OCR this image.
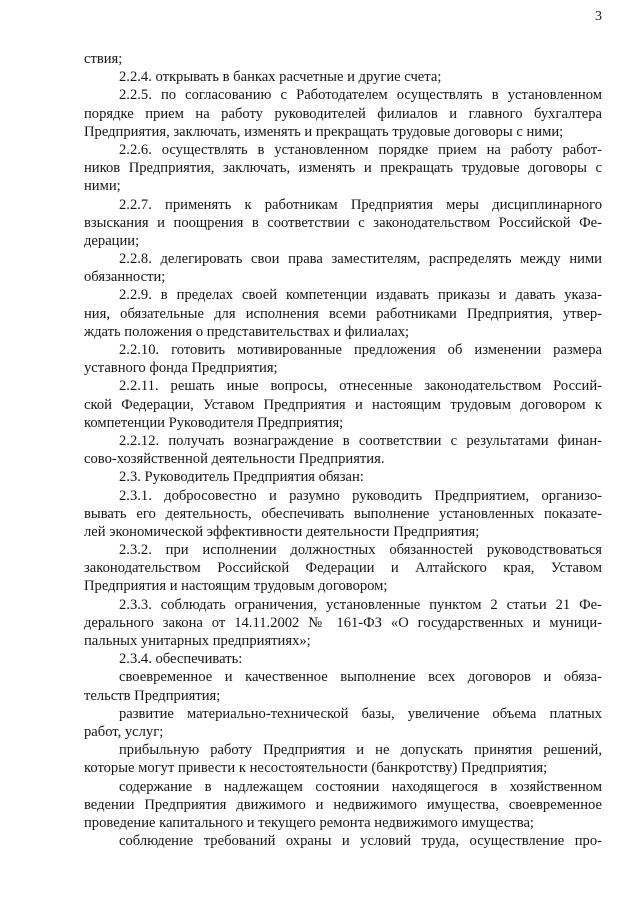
3
ствия;
2.2.4. открывать в банках расчетные и другие счета;
2.2.5. по согласованию с Работодателем осуществлять в установленном
порядке прием на работу руководителей филиалов и главного бухгалтера
Предприятия, заключать, изменять и прекращать трудовые договоры с ними;
2.2.6. осуществлять в установленном порядке прием на работу работ-
ников Предприятия, заключать, изменять и прекращать трудовые договоры с
ними;
2.2.7. применять к работникам Предприятия меры дисциплинарного
взыскания и поощрения в соответствии с законодательством Российской Фе-
дерации;
2.2.8. делегировать свои права заместителям, распределять между ними
обязанности;
2.2.9. в пределах своей компетенции издавать приказы и давать указа-
ния, обязательные для исполнения всеми работниками Предприятия, утвер-
ждать положения о представительствах и филиалах;
2.2.10. готовить мотивированные предложения об изменении размера
уставного фонда Предприятия;
2.2.11. решать иные вопросы, отнесенные законодательством Россий-
ской Федерации, Уставом Предприятия и настоящим трудовым договором к
компетенции Руководителя Предприятия;
2.2.12. получать вознаграждение в соответствии с результатами финан-
сово-хозяйственной деятельности Предприятия.
2.3. Руководитель Предприятия обязан:
2.3.1. добросовестно и разумно руководить Предприятием, организо-
вывать его деятельность, обеспечивать выполнение установленных показате-
лей экономической эффективности деятельности Предприятия;
2.3.2. при исполнении должностных обязанностей руководствоваться
законодательством Российской Федерации и Алтайского края, Уставом
Предприятия и настоящим трудовым договором;
2.3.3. соблюдать ограничения, установленные пунктом 2 статьи 21 Фе-
дерального закона от 14.11.2002 № 161-ФЗ «О государственных и муници-
пальных унитарных предприятиях»;
2.3.4. обеспечивать:
своевременное и качественное выполнение всех договоров и обяза-
тельств Предприятия;
развитие материально-технической базы, увеличение объема платных
работ, услуг;
прибыльную работу Предприятия и не допускать принятия решений,
которые могут привести к несостоятельности (банкротству) Предприятия;
содержание в надлежащем состоянии находящегося в хозяйственном
ведении Предприятия движимого и недвижимого имущества, своевременное
проведение капитального и текущего ремонта недвижимого имущества;
соблюдение требований охраны и условий труда, осуществление про-
